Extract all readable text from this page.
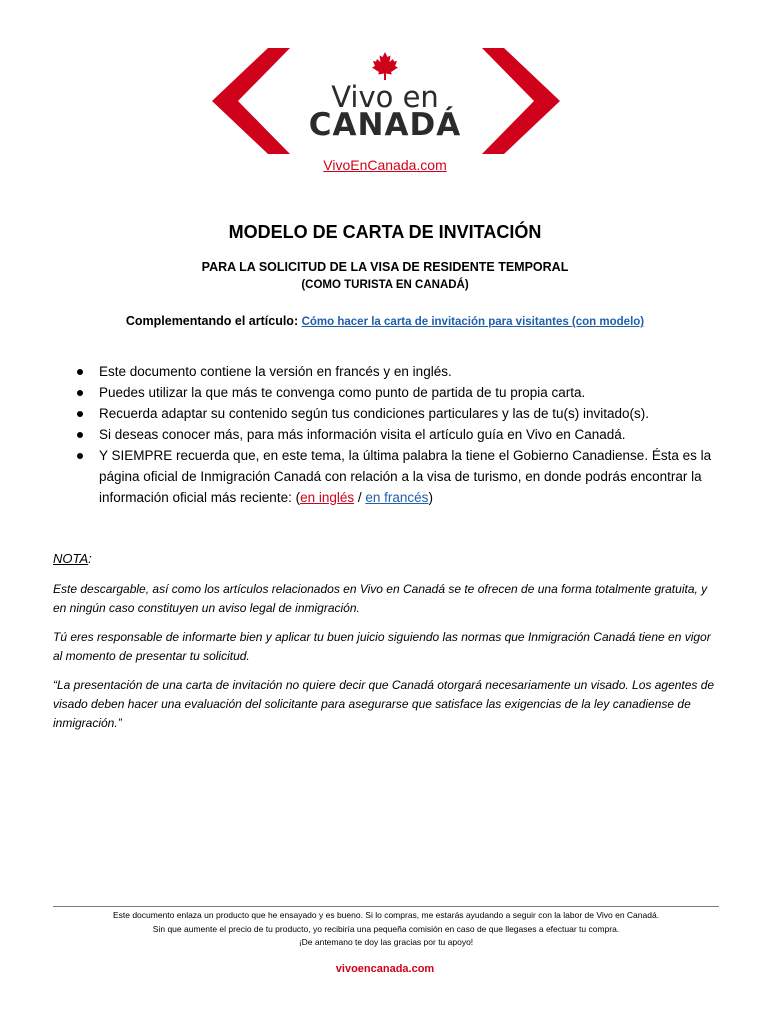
Vivo en
CANADÁ
VivoEnCanada.com
MODELO DE CARTA DE INVITACIÓN
PARA LA SOLICITUD DE LA VISA DE RESIDENTE TEMPORAL
(COMO TURISTA EN CANADÁ)
Complementando el artículo: Cómo hacer la carta de invitación para visitantes (con modelo)
Este documento contiene la versión en francés y en inglés.
Puedes utilizar la que más te convenga como punto de partida de tu propia carta.
Recuerda adaptar su contenido según tus condiciones particulares y las de tu(s) invitado(s).
Si deseas conocer más, para más información visita el artículo guía en Vivo en Canadá.
Y SIEMPRE recuerda que, en este tema, la última palabra la tiene el Gobierno Canadiense. Ésta es la página oficial de Inmigración Canadá con relación a la visa de turismo, en donde podrás encontrar la información oficial más reciente: (en inglés / en francés)
NOTA:
Este descargable, así como los artículos relacionados en Vivo en Canadá se te ofrecen de una forma totalmente gratuita, y en ningún caso constituyen un aviso legal de inmigración.
Tú eres responsable de informarte bien y aplicar tu buen juicio siguiendo las normas que Inmigración Canadá tiene en vigor al momento de presentar tu solicitud.
“La presentación de una carta de invitación no quiere decir que Canadá otorgará necesariamente un visado. Los agentes de visado deben hacer una evaluación del solicitante para asegurarse que satisface las exigencias de la ley canadiense de inmigración.”
Este documento enlaza un producto que he ensayado y es bueno. Si lo compras, me estarás ayudando a seguir con la labor de Vivo en Canadá.
Sin que aumente el precio de tu producto, yo recibiría una pequeña comisión en caso de que llegases a efectuar tu compra.
¡De antemano te doy las gracias por tu apoyo!
vivoencanada.com
